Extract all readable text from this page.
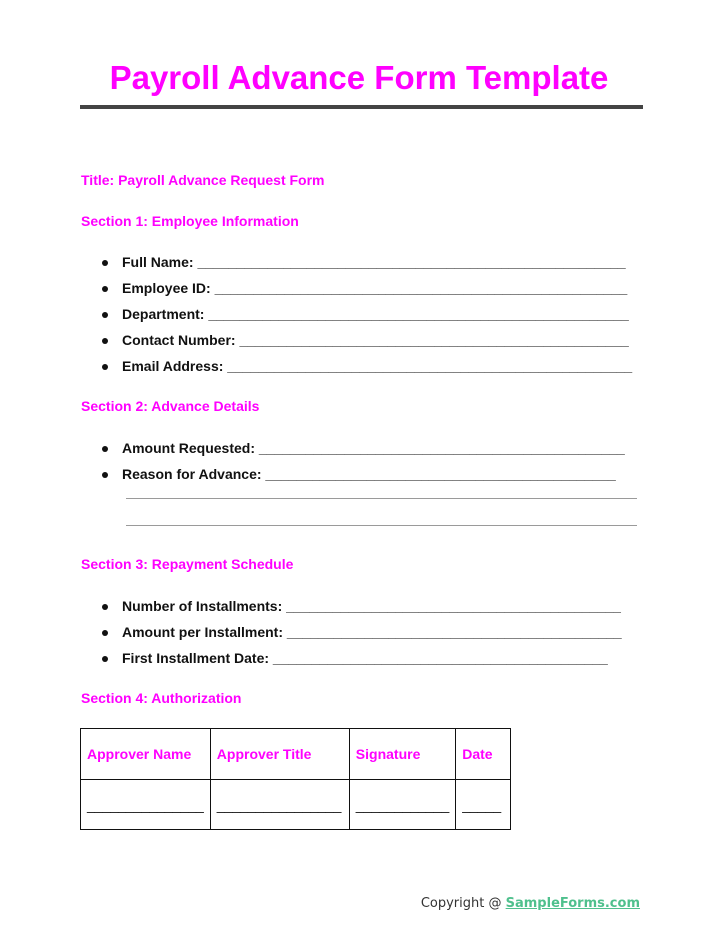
Payroll Advance Form Template

Title: Payroll Advance Request Form

Section 1: Employee Information

Full Name: _______________________________________________________
Employee ID: _____________________________________________________
Department: ______________________________________________________
Contact Number: __________________________________________________
Email Address: ____________________________________________________

Section 2: Advance Details

Amount Requested: _______________________________________________
Reason for Advance: _____________________________________________

Section 3: Repayment Schedule

Number of Installments: ___________________________________________
Amount per Installment: ___________________________________________
First Installment Date: ___________________________________________

Section 4: Authorization

Approver Name	Approver Title	Signature	Date
_______________	________________	____________	_____
Copyright @ SampleForms.com
